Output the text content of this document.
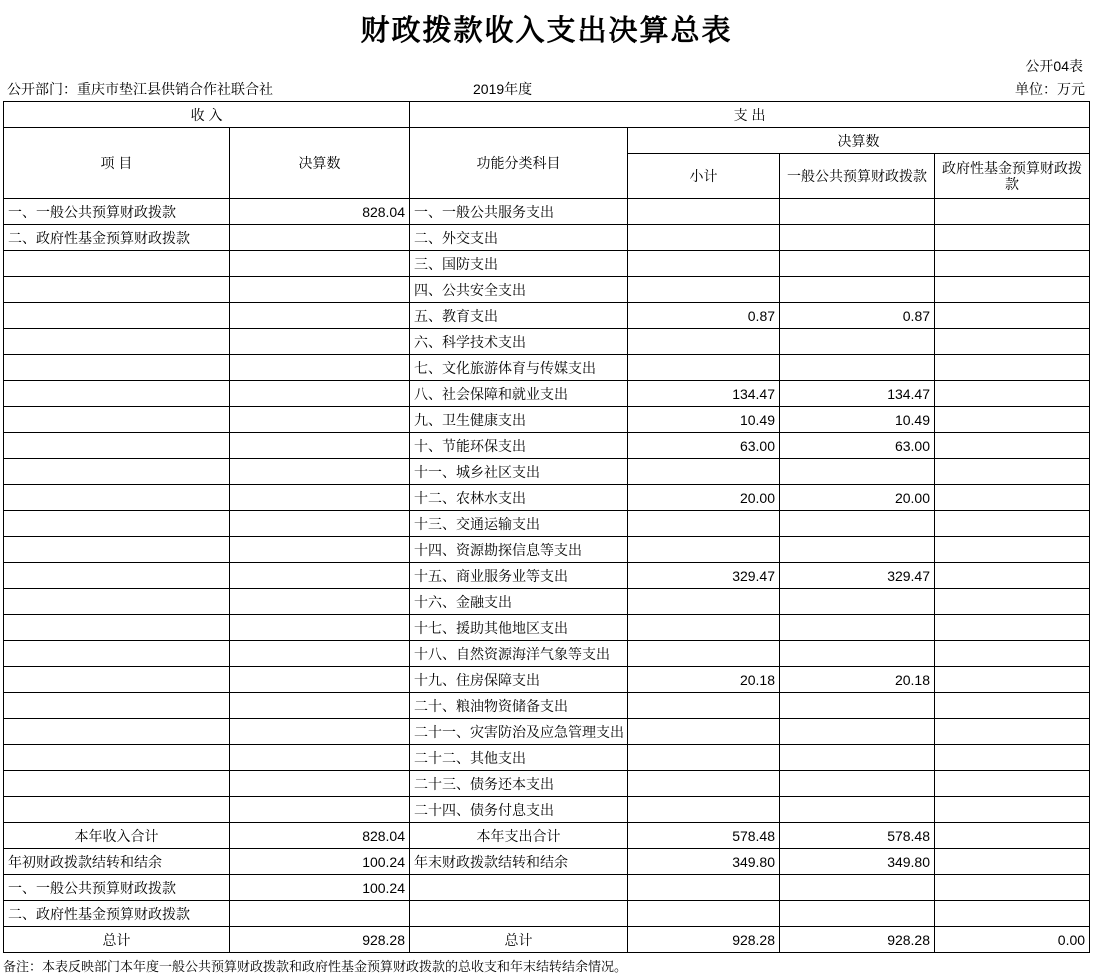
财政拨款收入支出决算总表
公开04表
公开部门：重庆市垫江县供销合作社联合社	2019年度	单位：万元
收 入		支 出			
项 目	决算数	功能分类科目	决算数		
			小计	一般公共预算财政拨款	政府性基金预算财政拨款
一、一般公共预算财政拨款	828.04	一、一般公共服务支出			
二、政府性基金预算财政拨款		二、外交支出			
		三、国防支出			
		四、公共安全支出			
		五、教育支出	0.87	0.87	
		六、科学技术支出			
		七、文化旅游体育与传媒支出			
		八、社会保障和就业支出	134.47	134.47	
		九、卫生健康支出	10.49	10.49	
		十、节能环保支出	63.00	63.00	
		十一、城乡社区支出			
		十二、农林水支出	20.00	20.00	
		十三、交通运输支出			
		十四、资源勘探信息等支出			
		十五、商业服务业等支出	329.47	329.47	
		十六、金融支出			
		十七、援助其他地区支出			
		十八、自然资源海洋气象等支出			
		十九、住房保障支出	20.18	20.18	
		二十、粮油物资储备支出			
		二十一、灾害防治及应急管理支出			
		二十二、其他支出			
		二十三、债务还本支出			
		二十四、债务付息支出			
本年收入合计	828.04	本年支出合计	578.48	578.48	
年初财政拨款结转和结余	100.24	年末财政拨款结转和结余	349.80	349.80	
一、一般公共预算财政拨款	100.24				
二、政府性基金预算财政拨款					
总计	928.28	总计	928.28	928.28	0.00
备注：本表反映部门本年度一般公共预算财政拨款和政府性基金预算财政拨款的总收支和年末结转结余情况。
